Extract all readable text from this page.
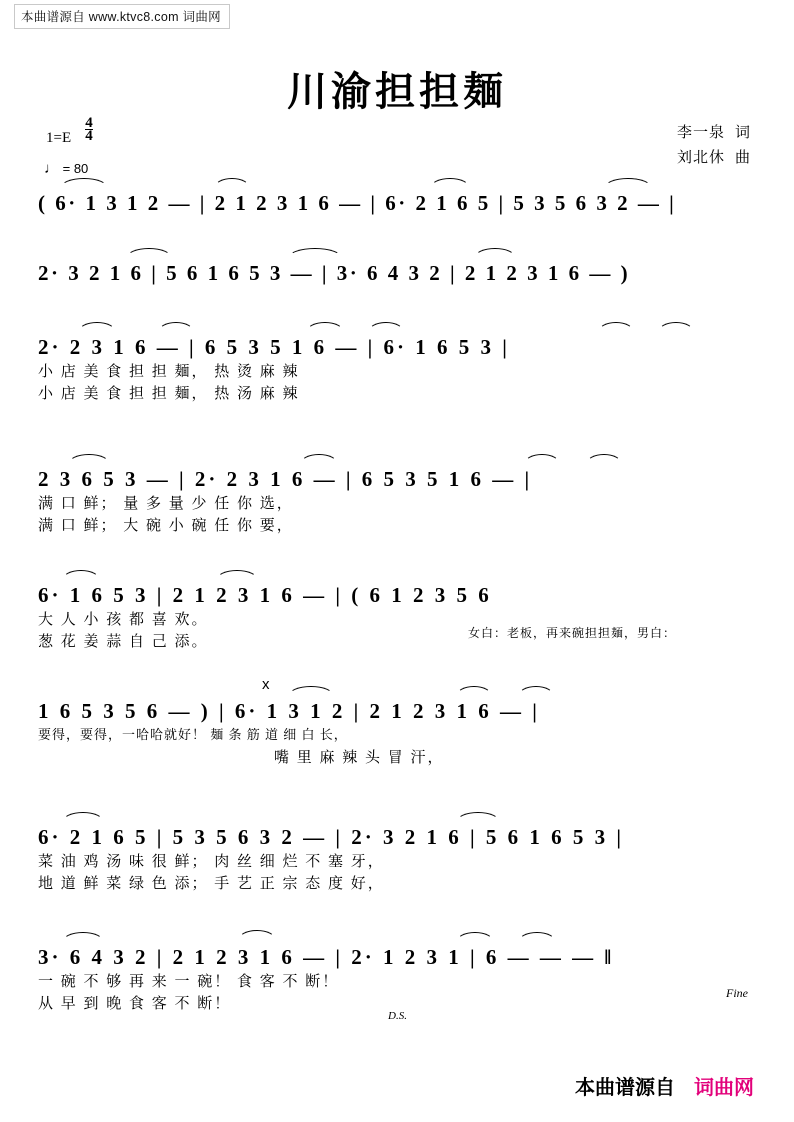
本曲谱源自 www.ktvc8.com 词曲网
川渝担担麺
$1=E \frac{4}{4}$
♩ = 80
李一泉 词
刘北休 曲
( 6· 1 3 1 2 — | 2 1 2 3 1 6 — | 6· 2 1 6 5 | 5 3 5 6 3 2 — |
2· 3 2 1 6 | 5 6 1 6 5 3 — | 3· 6 4 3 2 | 2 1 2 3 1 6 — )
2· 2 3 1 6 — | 6 5 3 5 1 6 — | 6· 1 6 5 3 |
小 店 美 食 担 担 麺， 热 烫 麻 辣
小 店 美 食 担 担 麺， 热 汤 麻 辣
2 3 6 5 3 — | 2· 2 3 1 6 — | 6 5 3 5 1 6 — |
满 口 鲜； 量 多 量 少 任 你 选，
满 口 鲜； 大 碗 小 碗 任 你 要，
6· 1 6 5 3 | 2 1 2 3 1 6 — | ( 6 1 2 3 5 6
大 人 小 孩 都 喜 欢。
葱 花 姜 蒜 自 己 添。
女白：老板，再来碗担担麺，男白：
x
1 6 5 3 5 6 — ) | 6· 1 3 1 2 | 2 1 2 3 1 6 — |
要得，要得，一哈哈就好！ 麺 条 筋 道 细 白 长，
嘴 里 麻 辣 头 冒 汗，
6· 2 1 6 5 | 5 3 5 6 3 2 — | 2· 3 2 1 6 | 5 6 1 6 5 3 |
菜 油 鸡 汤 味 很 鲜； 肉 丝 细 烂 不 塞 牙，
地 道 鲜 菜 绿 色 添； 手 艺 正 宗 态 度 好，
3· 6 4 3 2 | 2 1 2 3 1 6 — | 2· 1 2 3 1 | 6 — — — ‖
一 碗 不 够 再 来 一 碗！ 食 客 不 断！
从 早 到 晚 食 客 不 断！
D.S.
Fine
本曲谱源自 词曲网
